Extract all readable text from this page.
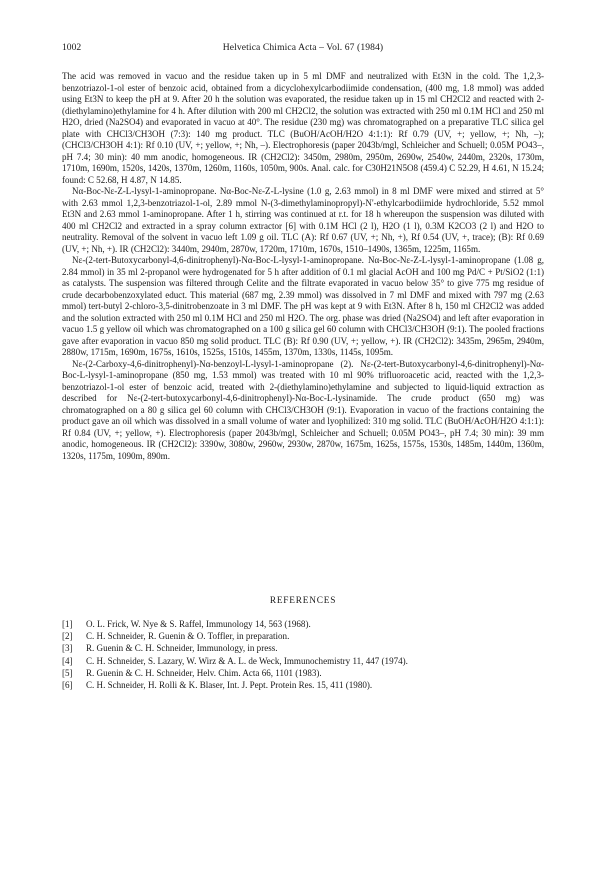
1002	Helvetica Chimica Acta – Vol. 67 (1984)

The acid was removed in vacuo and the residue taken up in 5 ml DMF and neutralized with Et3N in the cold. The 1,2,3-benzotriazol-1-ol ester of benzoic acid, obtained from a dicyclohexylcarbodiimide condensation, (400 mg, 1.8 mmol) was added using Et3N to keep the pH at 9. After 20 h the solution was evaporated, the residue taken up in 15 ml CH2Cl2 and reacted with 2-(diethylamino)ethylamine for 4 h. After dilution with 200 ml CH2Cl2, the solution was extracted with 250 ml 0.1M HCl and 250 ml H2O, dried (Na2SO4) and evaporated in vacuo at 40°. The residue (230 mg) was chromatographed on a preparative TLC silica gel plate with CHCl3/CH3OH (7:3): 140 mg product. TLC (BuOH/AcOH/H2O 4:1:1): Rf 0.79 (UV, +; yellow, +; Nh, –); (CHCl3/CH3OH 4:1): Rf 0.10 (UV, +; yellow, +; Nh, –). Electrophoresis (paper 2043b/mgl, Schleicher and Schuell; 0.05M PO43–, pH 7.4; 30 min): 40 mm anodic, homogeneous. IR (CH2Cl2): 3450m, 2980m, 2950m, 2690w, 2540w, 2440m, 2320s, 1730m, 1710m, 1690m, 1520s, 1420s, 1370m, 1260m, 1160s, 1050m, 900s. Anal. calc. for C30H21N5O8 (459.4) C 52.29, H 4.61, N 15.24; found: C 52.68, H 4.87, N 14.85.

Nα-Boc-Nε-Z-L-lysyl-1-aminopropane. Nα-Boc-Nε-Z-L-lysine (1.0 g, 2.63 mmol) in 8 ml DMF were mixed and stirred at 5° with 2.63 mmol 1,2,3-benzotriazol-1-ol, 2.89 mmol N-(3-dimethylaminopropyl)-N'-ethylcarbodiimide hydrochloride, 5.52 mmol Et3N and 2.63 mmol 1-aminopropane. After 1 h, stirring was continued at r.t. for 18 h whereupon the suspension was diluted with 400 ml CH2Cl2 and extracted in a spray column extractor [6] with 0.1M HCl (2 l), H2O (1 l), 0.3M K2CO3 (2 l) and H2O to neutrality. Removal of the solvent in vacuo left 1.09 g oil. TLC (A): Rf 0.67 (UV, +; Nh, +), Rf 0.54 (UV, +, trace); (B): Rf 0.69 (UV, +; Nh, +). IR (CH2Cl2): 3440m, 2940m, 2870w, 1720m, 1710m, 1670s, 1510–1490s, 1365m, 1225m, 1165m.

Nε-(2-tert-Butoxycarbonyl-4,6-dinitrophenyl)-Nα-Boc-L-lysyl-1-aminopropane. Nα-Boc-Nε-Z-L-lysyl-1-aminopropane (1.08 g, 2.84 mmol) in 35 ml 2-propanol were hydrogenated for 5 h after addition of 0.1 ml glacial AcOH and 100 mg Pd/C + Pt/SiO2 (1:1) as catalysts. The suspension was filtered through Celite and the filtrate evaporated in vacuo below 35° to give 775 mg residue of crude decarbobenzoxylated educt. This material (687 mg, 2.39 mmol) was dissolved in 7 ml DMF and mixed with 797 mg (2.63 mmol) tert-butyl 2-chloro-3,5-dinitrobenzoate in 3 ml DMF. The pH was kept at 9 with Et3N. After 8 h, 150 ml CH2Cl2 was added and the solution extracted with 250 ml 0.1M HCl and 250 ml H2O. The org. phase was dried (Na2SO4) and left after evaporation in vacuo 1.5 g yellow oil which was chromatographed on a 100 g silica gel 60 column with CHCl3/CH3OH (9:1). The pooled fractions gave after evaporation in vacuo 850 mg solid product. TLC (B): Rf 0.90 (UV, +; yellow, +). IR (CH2Cl2): 3435m, 2965m, 2940m, 2880w, 1715m, 1690m, 1675s, 1610s, 1525s, 1510s, 1455m, 1370m, 1330s, 1145s, 1095m.

Nε-(2-Carboxy-4,6-dinitrophenyl)-Nα-benzoyl-L-lysyl-1-aminopropane (2). Nε-(2-tert-Butoxycarbonyl-4,6-dinitrophenyl)-Nα-Boc-L-lysyl-1-aminopropane (850 mg, 1.53 mmol) was treated with 10 ml 90% trifluoroacetic acid, reacted with the 1,2,3-benzotriazol-1-ol ester of benzoic acid, treated with 2-(diethylamino)ethylamine and subjected to liquid-liquid extraction as described for Nε-(2-tert-butoxycarbonyl-4,6-dinitrophenyl)-Nα-Boc-L-lysinamide. The crude product (650 mg) was chromatographed on a 80 g silica gel 60 column with CHCl3/CH3OH (9:1). Evaporation in vacuo of the fractions containing the product gave an oil which was dissolved in a small volume of water and lyophilized: 310 mg solid. TLC (BuOH/AcOH/H2O 4:1:1): Rf 0.84 (UV, +; yellow, +). Electrophoresis (paper 2043b/mgl, Schleicher and Schuell; 0.05M PO43–, pH 7.4; 30 min): 39 mm anodic, homogeneous. IR (CH2Cl2): 3390w, 3080w, 2960w, 2930w, 2870w, 1675m, 1625s, 1575s, 1530s, 1485m, 1440m, 1360m, 1320s, 1175m, 1090m, 890m.

REFERENCES
[1] O. L. Frick, W. Nye & S. Raffel, Immunology 14, 563 (1968).
[2] C. H. Schneider, R. Guenin & O. Toffler, in preparation.
[3] R. Guenin & C. H. Schneider, Immunology, in press.
[4] C. H. Schneider, S. Lazary, W. Wirz & A. L. de Weck, Immunochemistry 11, 447 (1974).
[5] R. Guenin & C. H. Schneider, Helv. Chim. Acta 66, 1101 (1983).
[6] C. H. Schneider, H. Rolli & K. Blaser, Int. J. Pept. Protein Res. 15, 411 (1980).
